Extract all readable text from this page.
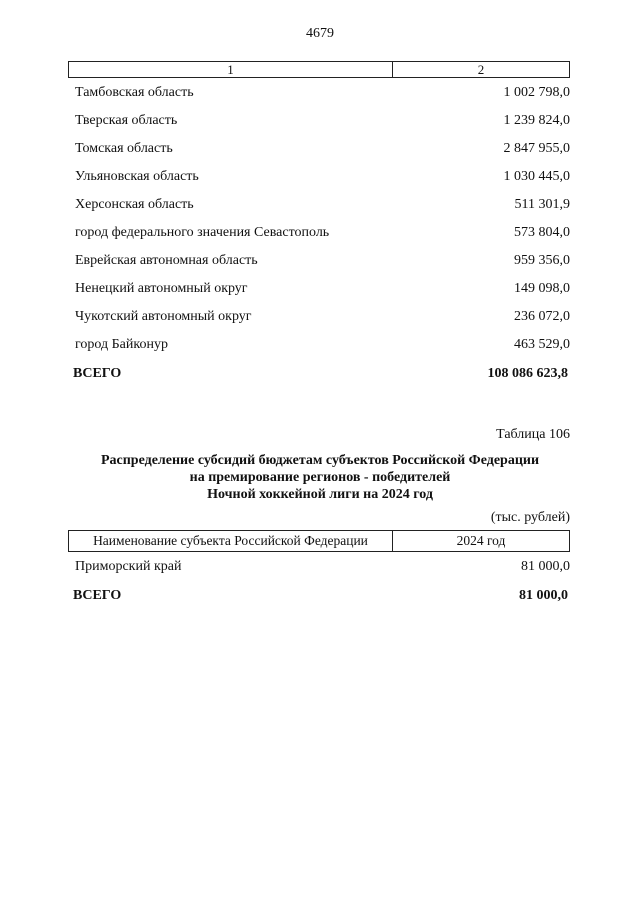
4679
1	2
Тамбовская область	1 002 798,0
Тверская область	1 239 824,0
Томская область	2 847 955,0
Ульяновская область	1 030 445,0
Херсонская область	511 301,9
город федерального значения Севастополь	573 804,0
Еврейская автономная область	959 356,0
Ненецкий автономный округ	149 098,0
Чукотский автономный округ	236 072,0
город Байконур	463 529,0
ВСЕГО	108 086 623,8
Таблица 106
Распределение субсидий бюджетам субъектов Российской Федерации
на премирование регионов - победителей
Ночной хоккейной лиги на 2024 год
(тыс. рублей)
Наименование субъекта Российской Федерации	2024 год
Приморский край	81 000,0
ВСЕГО	81 000,0
